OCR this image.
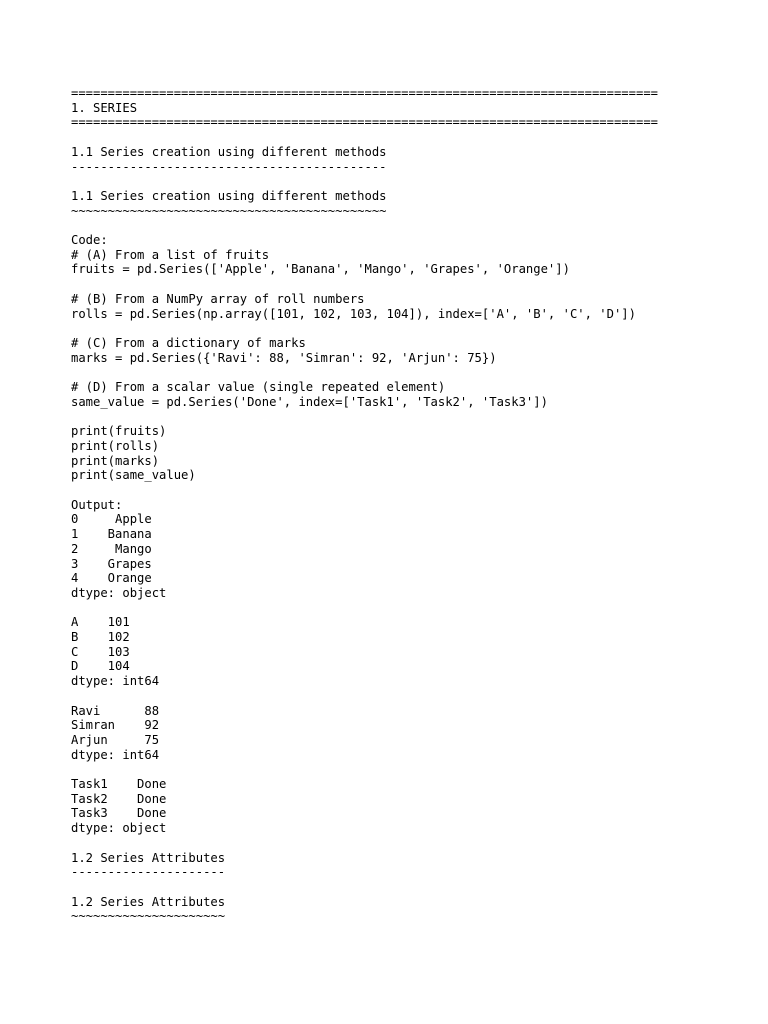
================================================================================
1. SERIES
================================================================================

1.1 Series creation using different methods
-------------------------------------------

1.1 Series creation using different methods
~~~~~~~~~~~~~~~~~~~~~~~~~~~~~~~~~~~~~~~~~~~

Code:
# (A) From a list of fruits
fruits = pd.Series(['Apple', 'Banana', 'Mango', 'Grapes', 'Orange'])

# (B) From a NumPy array of roll numbers
rolls = pd.Series(np.array([101, 102, 103, 104]), index=['A', 'B', 'C', 'D'])

# (C) From a dictionary of marks
marks = pd.Series({'Ravi': 88, 'Simran': 92, 'Arjun': 75})

# (D) From a scalar value (single repeated element)
same_value = pd.Series('Done', index=['Task1', 'Task2', 'Task3'])

print(fruits)
print(rolls)
print(marks)
print(same_value)

Output:
0     Apple
1    Banana
2     Mango
3    Grapes
4    Orange
dtype: object

A    101
B    102
C    103
D    104
dtype: int64

Ravi      88
Simran    92
Arjun     75
dtype: int64

Task1    Done
Task2    Done
Task3    Done
dtype: object

1.2 Series Attributes
---------------------

1.2 Series Attributes
~~~~~~~~~~~~~~~~~~~~~
